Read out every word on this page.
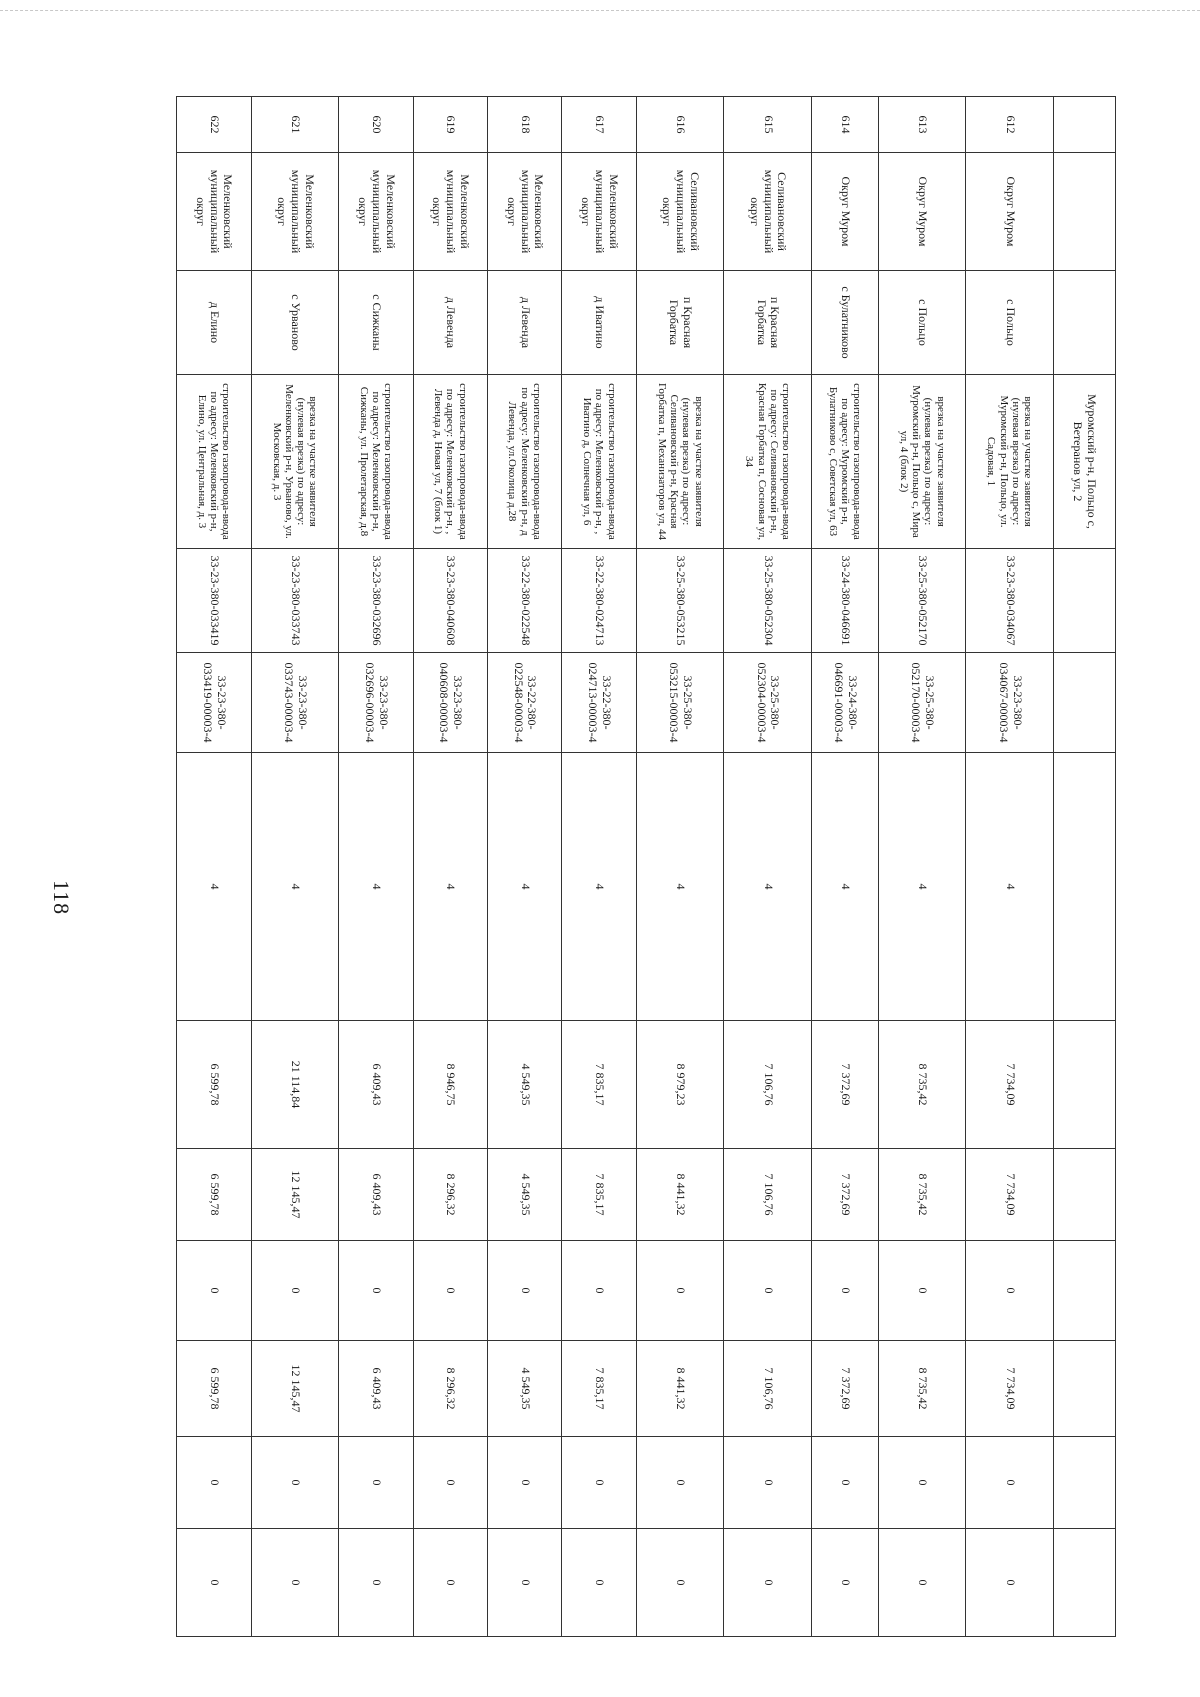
118
			Муромский р-н, Польцо с, Ветеранов ул, 2									
612	Округ Муром	с Польцо	врезка на участке заявителя (нулевая врезка) по адресу: Муромский р-н, Польцо, ул. Садовая, 1	33-23-380-034067	33-23-380-034067-00003-4	4	7 734,09	7 734,09	0	7 734,09	0	0
613	Округ Муром	с Польцо	врезка на участке заявителя (нулевая врезка) по адресу: Муромский р-н, Польцо с, Мира ул, 4 (блок 2)	33-25-380-052170	33-25-380-052170-00003-4	4	8 735,42	8 735,42	0	8 735,42	0	0
614	Округ Муром	с Булатниково	строительство газопровода-ввода по адресу: Муромский р-н, Булатниково с, Советская ул, 63	33-24-380-046691	33-24-380-046691-00003-4	4	7 372,69	7 372,69	0	7 372,69	0	0
615	Селивановский муниципальный округ	п Красная Горбатка	строительство газопровода-ввода по адресу: Селивановский р-н, Красная Горбатка п, Сосновая ул, 34	33-25-380-052304	33-25-380-052304-00003-4	4	7 106,76	7 106,76	0	7 106,76	0	0
616	Селивановский муниципальный округ	п Красная Горбатка	врезка на участке заявителя (нулевая врезка) по адресу: Селивановский р-н, Красная Горбатка п, Механизаторов ул, 44	33-25-380-053215	33-25-380-053215-00003-4	4	8 979,23	8 441,32	0	8 441,32	0	0
617	Меленковский муниципальный округ	д Иватино	строительство газопровода-ввода по адресу: Меленковский р-н, , Иватино д, Солнечная ул, 6	33-22-380-024713	33-22-380-024713-00003-4	4	7 835,17	7 835,17	0	7 835,17	0	0
618	Меленковский муниципальный округ	д Левенда	строительство газопровода-ввода по адресу: Меленковский р-н, д Левенда, ул.Околица д.28	33-22-380-022548	33-22-380-022548-00003-4	4	4 549,35	4 549,35	0	4 549,35	0	0
619	Меленковский муниципальный округ	д Левенда	строительство газопровода-ввода по адресу: Меленковский р-н, , Левенда д, Новая ул, 7 (блок 1)	33-23-380-040608	33-23-380-040608-00003-4	4	8 946,75	8 296,32	0	8 296,32	0	0
620	Меленковский муниципальный округ	с Сижканы	строительство газопровода-ввода по адресу: Меленковский р-н, Сижканы, ул. Пролетарская, д.8	33-23-380-032696	33-23-380-032696-00003-4	4	6 409,43	6 409,43	0	6 409,43	0	0
621	Меленковский муниципальный округ	с Урваново	врезка на участке заявителя (нулевая врезка) по адресу: Меленковский р-н, Урваново, ул. Московская, д. 3	33-23-380-033743	33-23-380-033743-00003-4	4	21 114,84	12 145,47	0	12 145,47	0	0
622	Меленковский муниципальный округ	д Елино	строительство газопровода-ввода по адресу: Меленковский р-н, Елино, ул. Центральная, д. 3	33-23-380-033419	33-23-380-033419-00003-4	4	6 599,78	6 599,78	0	6 599,78	0	0
